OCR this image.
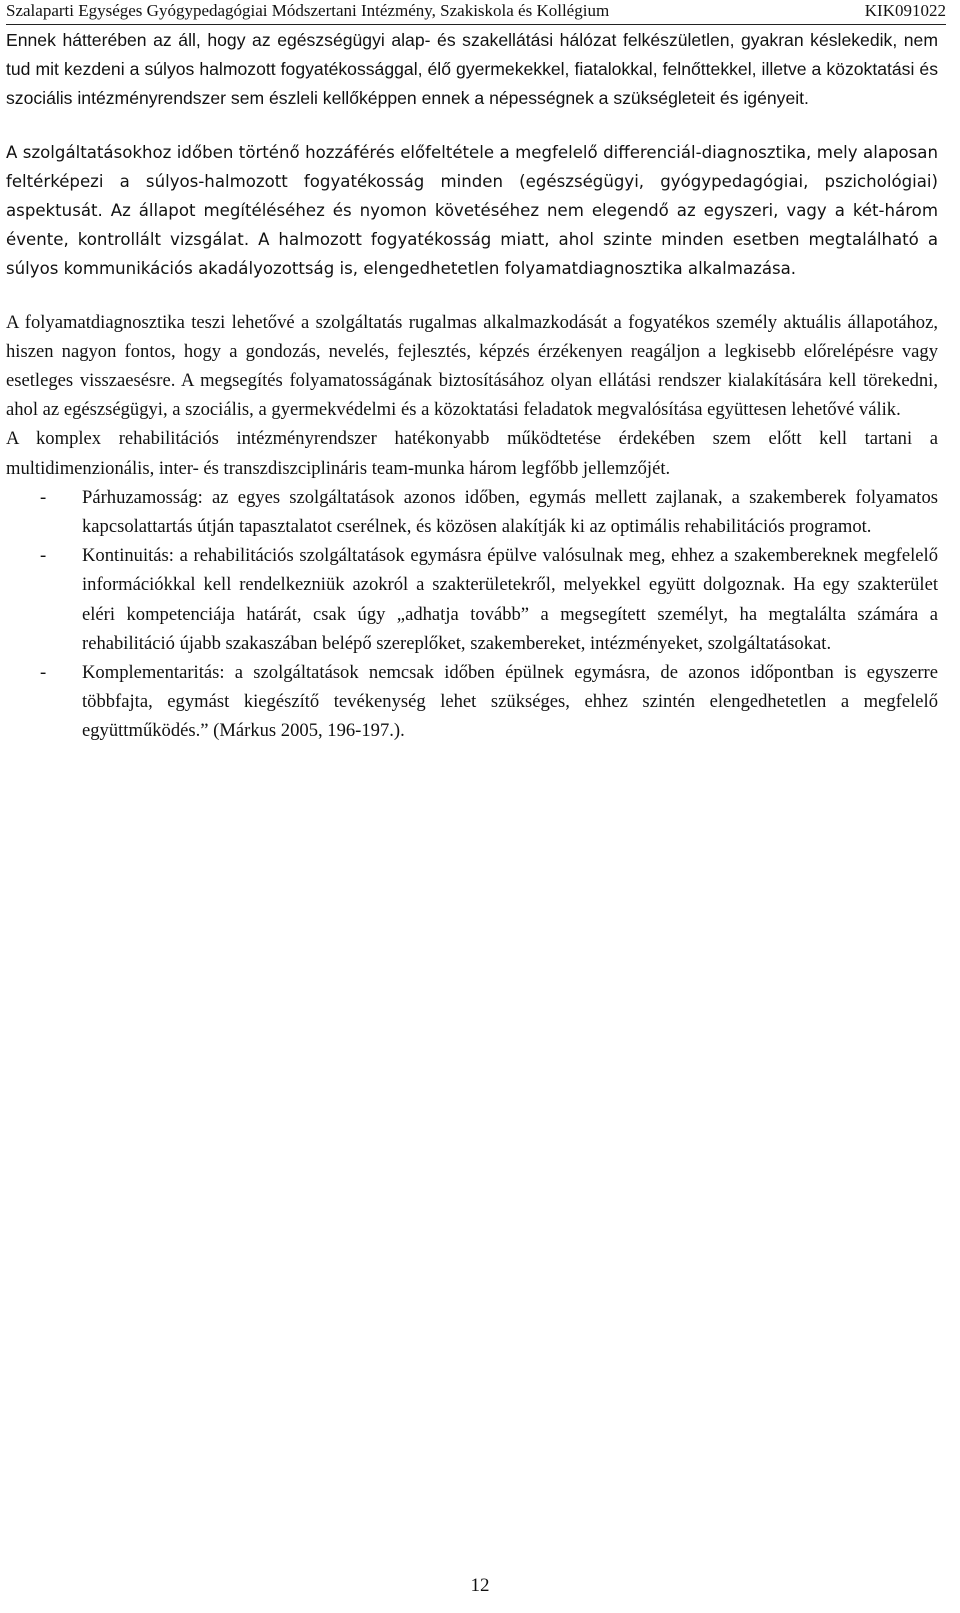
Szalaparti Egységes Gyógypedagógiai Módszertani Intézmény, Szakiskola és Kollégium	KIK091022

Ennek hátterében az áll, hogy az egészségügyi alap- és szakellátási hálózat felkészületlen, gyakran késlekedik, nem tud mit kezdeni a súlyos halmozott fogyatékossággal, élő gyermekekkel, fiatalokkal, felnőttekkel, illetve a közoktatási és szociális intézményrendszer sem észleli kellőképpen ennek a népességnek a szükségleteit és igényeit.

A szolgáltatásokhoz időben történő hozzáférés előfeltétele a megfelelő differenciál-diagnosztika, mely alaposan feltérképezi a súlyos-halmozott fogyatékosság minden (egészségügyi, gyógypedagógiai, pszichológiai) aspektusát. Az állapot megítéléséhez és nyomon követéséhez nem elegendő az egyszeri, vagy a két-három évente, kontrollált vizsgálat. A halmozott fogyatékosság miatt, ahol szinte minden esetben megtalálható a súlyos kommunikációs akadályozottság is, elengedhetetlen folyamatdiagnosztika alkalmazása.

A folyamatdiagnosztika teszi lehetővé a szolgáltatás rugalmas alkalmazkodását a fogyatékos személy aktuális állapotához, hiszen nagyon fontos, hogy a gondozás, nevelés, fejlesztés, képzés érzékenyen reagáljon a legkisebb előrelépésre vagy esetleges visszaesésre. A megsegítés folyamatosságának biztosításához olyan ellátási rendszer kialakítására kell törekedni, ahol az egészségügyi, a szociális, a gyermekvédelmi és a közoktatási feladatok megvalósítása együttesen lehetővé válik.

A komplex rehabilitációs intézményrendszer hatékonyabb működtetése érdekében szem előtt kell tartani a multidimenzionális, inter- és transzdiszciplináris team-munka három legfőbb jellemzőjét.

- Párhuzamosság: az egyes szolgáltatások azonos időben, egymás mellett zajlanak, a szakemberek folyamatos kapcsolattartás útján tapasztalatot cserélnek, és közösen alakítják ki az optimális rehabilitációs programot.
- Kontinuitás: a rehabilitációs szolgáltatások egymásra épülve valósulnak meg, ehhez a szakembereknek megfelelő információkkal kell rendelkezniük azokról a szakterületekről, melyekkel együtt dolgoznak. Ha egy szakterület eléri kompetenciája határát, csak úgy „adhatja tovább” a megsegített személyt, ha megtalálta számára a rehabilitáció újabb szakaszában belépő szereplőket, szakembereket, intézményeket, szolgáltatásokat.
- Komplementaritás: a szolgáltatások nemcsak időben épülnek egymásra, de azonos időpontban is egyszerre többfajta, egymást kiegészítő tevékenység lehet szükséges, ehhez szintén elengedhetetlen a megfelelő együttműködés.” (Márkus 2005, 196-197.).
12
